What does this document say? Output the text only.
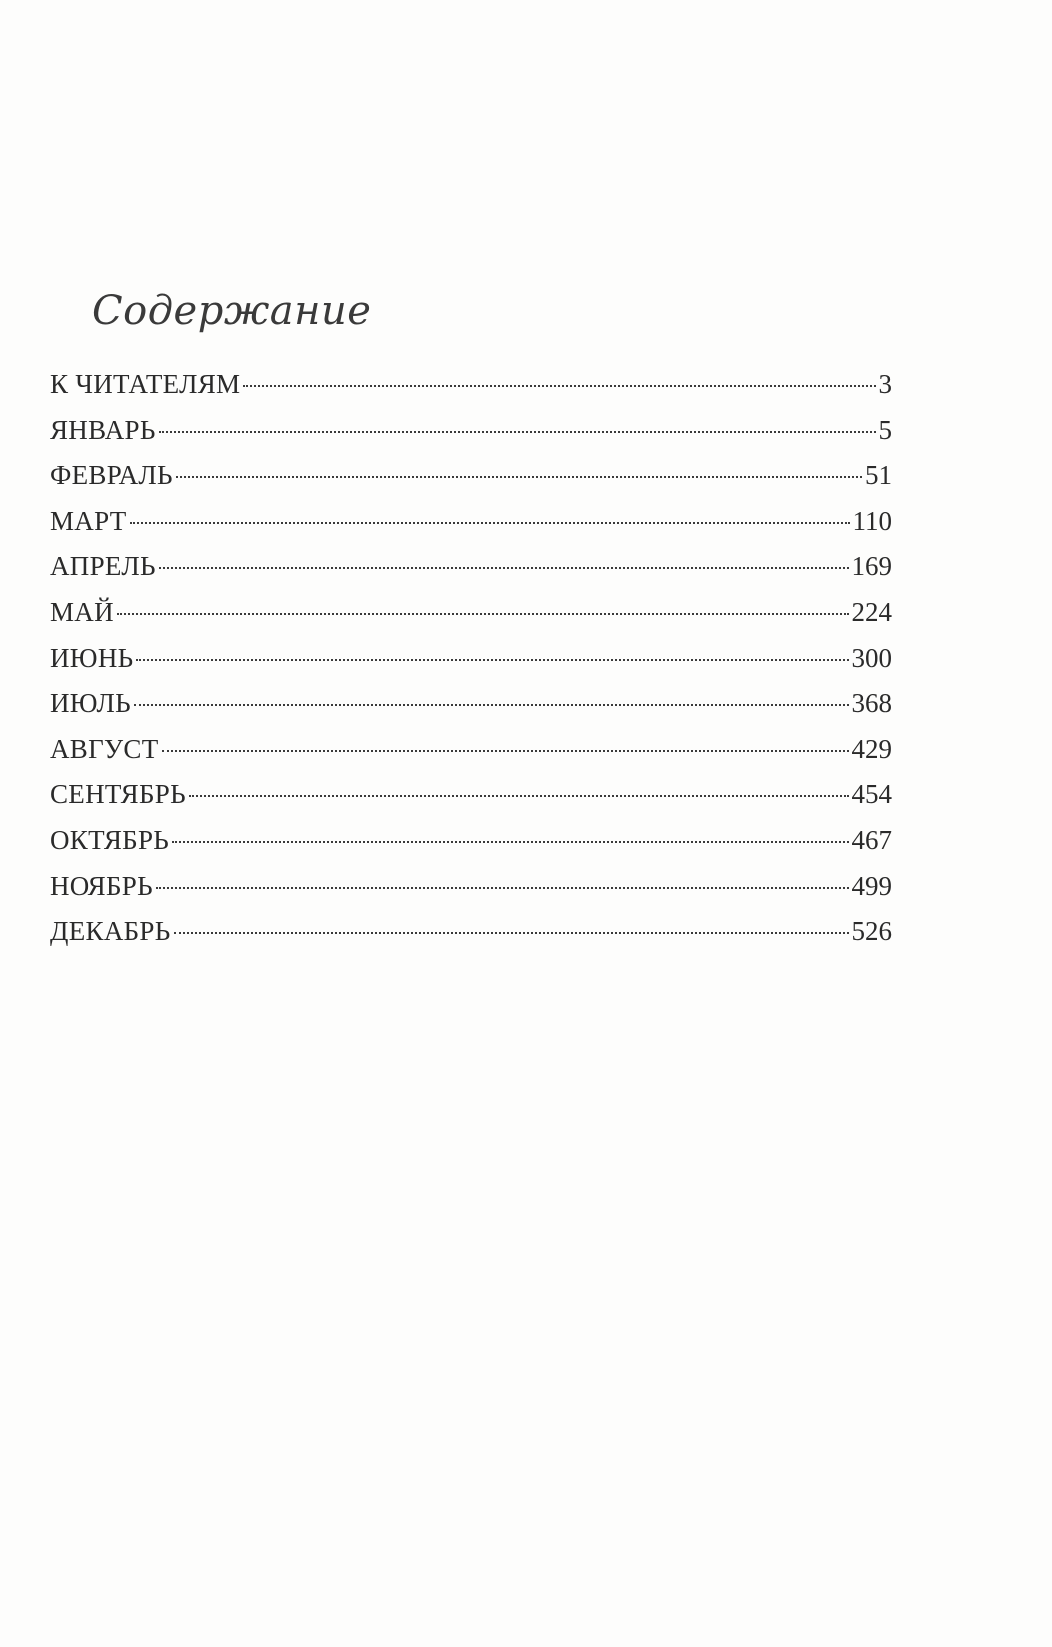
Содержание
К ЧИТАТЕЛЯМ	3
ЯНВАРЬ	5
ФЕВРАЛЬ	51
МАРТ	110
АПРЕЛЬ	169
МАЙ	224
ИЮНЬ	300
ИЮЛЬ	368
АВГУСТ	429
СЕНТЯБРЬ	454
ОКТЯБРЬ	467
НОЯБРЬ	499
ДЕКАБРЬ	526
